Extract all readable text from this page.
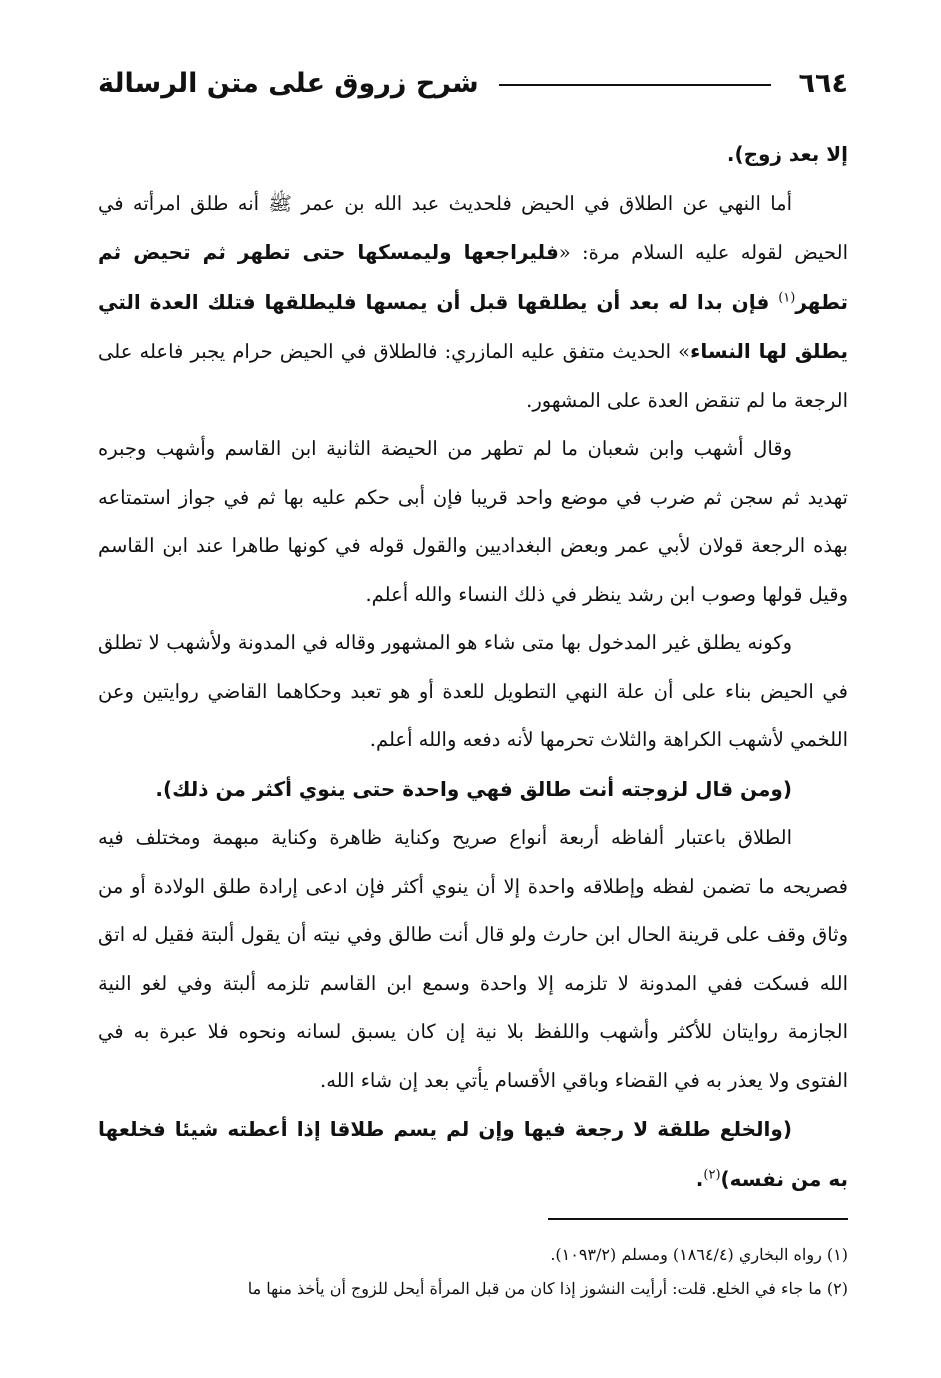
٦٦٤
شرح زروق على متن الرسالة

إلا بعد زوج).

أما النهي عن الطلاق في الحيض فلحديث عبد الله بن عمر ﷺ أنه طلق امرأته في الحيض لقوله عليه السلام مرة: «فليراجعها وليمسكها حتى تطهر ثم تحيض ثم تطهر$^{(١)}$ فإن بدا له بعد أن يطلقها قبل أن يمسها فليطلقها فتلك العدة التي يطلق لها النساء» الحديث متفق عليه المازري: فالطلاق في الحيض حرام يجبر فاعله على الرجعة ما لم تنقض العدة على المشهور.

وقال أشهب وابن شعبان ما لم تطهر من الحيضة الثانية ابن القاسم وأشهب وجبره تهديد ثم سجن ثم ضرب في موضع واحد قريبا فإن أبى حكم عليه بها ثم في جواز استمتاعه بهذه الرجعة قولان لأبي عمر وبعض البغداديين والقول قوله في كونها طاهرا عند ابن القاسم وقيل قولها وصوب ابن رشد ينظر في ذلك النساء والله أعلم.

وكونه يطلق غير المدخول بها متى شاء هو المشهور وقاله في المدونة ولأشهب لا تطلق في الحيض بناء على أن علة النهي التطويل للعدة أو هو تعبد وحكاهما القاضي روايتين وعن اللخمي لأشهب الكراهة والثلاث تحرمها لأنه دفعه والله أعلم.

(ومن قال لزوجته أنت طالق فهي واحدة حتى ينوي أكثر من ذلك).

الطلاق باعتبار ألفاظه أربعة أنواع صريح وكناية ظاهرة وكناية مبهمة ومختلف فيه فصريحه ما تضمن لفظه وإطلاقه واحدة إلا أن ينوي أكثر فإن ادعى إرادة طلق الولادة أو من وثاق وقف على قرينة الحال ابن حارث ولو قال أنت طالق وفي نيته أن يقول ألبتة فقيل له اتق الله فسكت ففي المدونة لا تلزمه إلا واحدة وسمع ابن القاسم تلزمه ألبتة وفي لغو النية الجازمة روايتان للأكثر وأشهب واللفظ بلا نية إن كان يسبق لسانه ونحوه فلا عبرة به في الفتوى ولا يعذر به في القضاء وباقي الأقسام يأتي بعد إن شاء الله.

(والخلع طلقة لا رجعة فيها وإن لم يسم طلاقا إذا أعطته شيئا فخلعها به من نفسه)$^{(٢)}$.

(١) رواه البخاري (١٨٦٤/٤) ومسلم (١٠٩٣/٢).

(٢) ما جاء في الخلع. قلت: أرأيت النشوز إذا كان من قبل المرأة أيحل للزوج أن يأخذ منها ما
